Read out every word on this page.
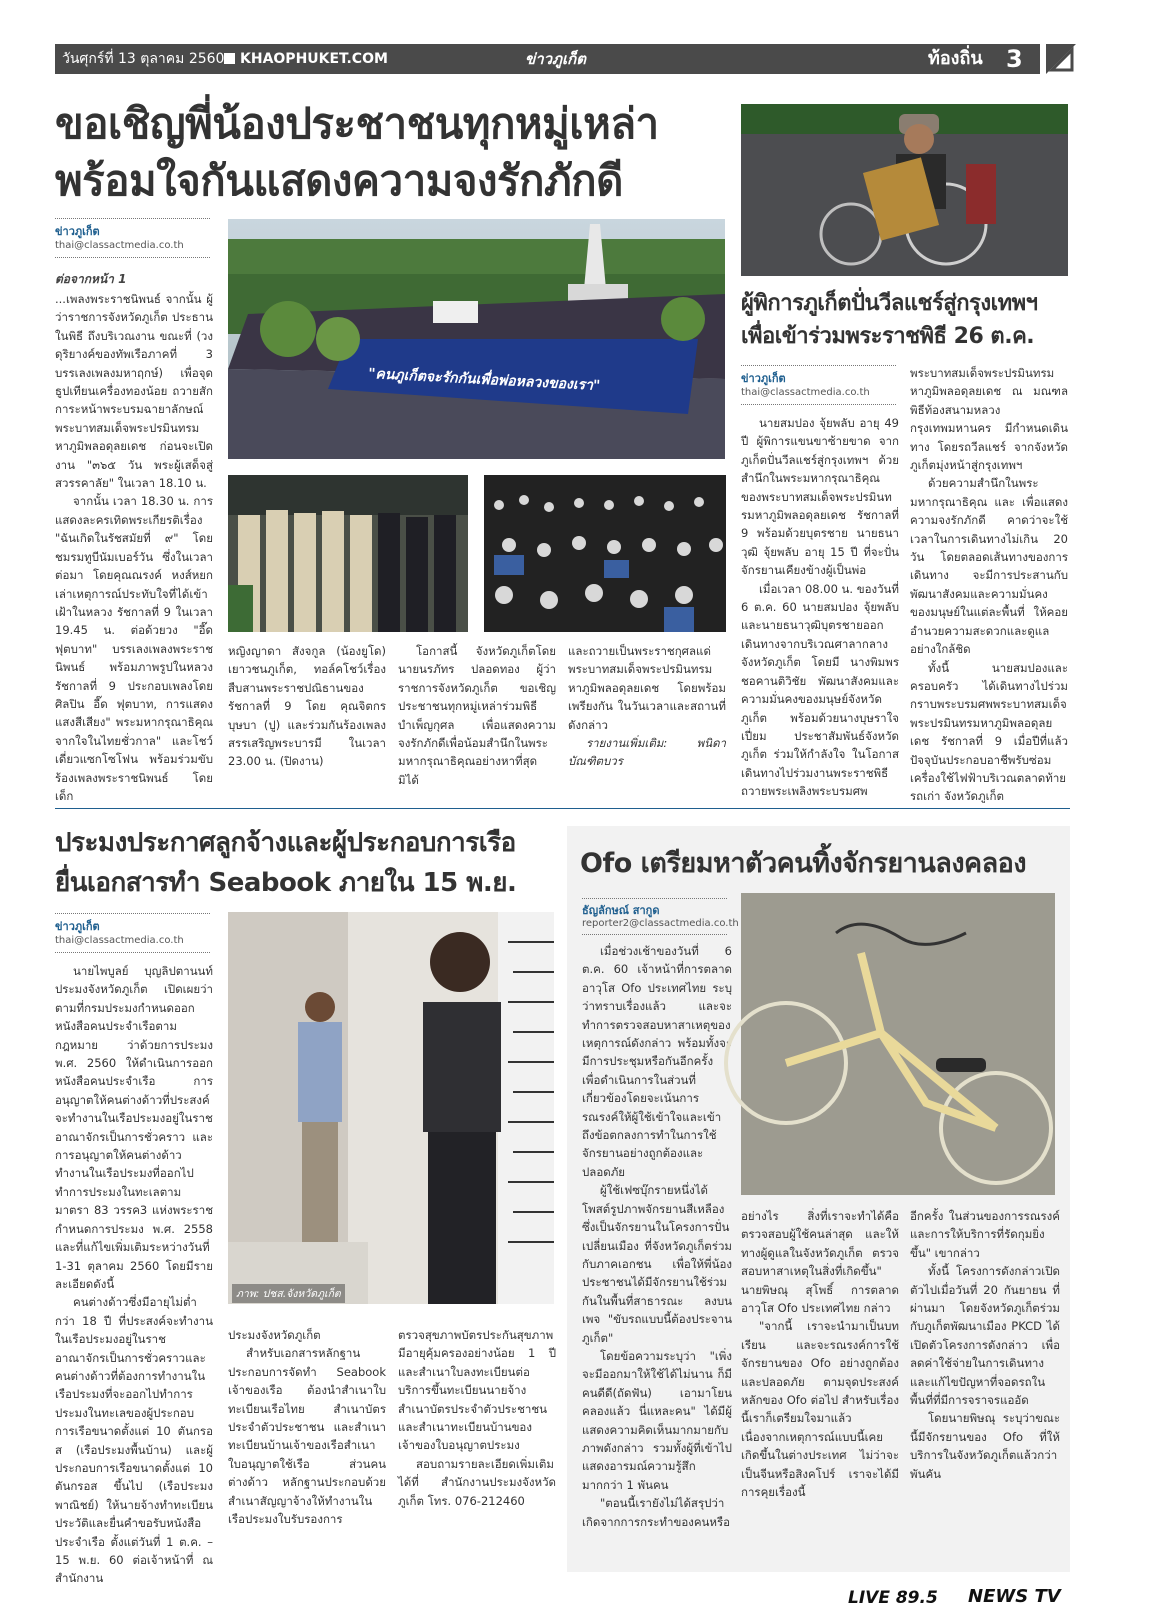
วันศุกร์ที่ 13 ตุลาคม 2560 KHAOPHUKET.COM	ข่าวภูเก็ต	ท้องถิ่น 3
ขอเชิญพี่น้องประชาชนทุกหมู่เหล่า
พร้อมใจกันแสดงความจงรักภักดี
ข่าวภูเก็ต
thai@classactmedia.co.th
ต่อจากหน้า 1

...เพลงพระราชนิพนธ์ จากนั้น ผู้ว่าราชการจังหวัดภูเก็ต ประธานในพิธี ถึงบริเวณงาน ขณะที่ (วงดุริยางค์ของทัพเรือภาคที่ 3 บรรเลงเพลงมหาฤกษ์) เพื่อจุดธูปเทียนเครื่องทองน้อย ถวายสักการะหน้าพระบรมฉายาลักษณ์พระบาทสมเด็จพระปรมินทรมหาภูมิพลอดุลยเดช ก่อนจะเปิดงาน "๓๖๕ วัน พระผู้เสด็จสู่สวรรคาลัย" ในเวลา 18.10 น.

จากนั้น เวลา 18.30 น. การแสดงละครเทิดพระเกียรติเรื่อง "ฉันเกิดในรัชสมัยที่ ๙" โดยชมรมทูบีนัมเบอร์วัน ซึ่งในเวลาต่อมา โดยคุณณรงค์ หงส์หยก เล่าเหตุการณ์ประทับใจที่ได้เข้าเฝ้าในหลวง รัชกาลที่ 9 ในเวลา 19.45 น. ต่อด้วยวง "อี๊ด ฟุตบาท" บรรเลงเพลงพระราชนิพนธ์ พร้อมภาพรูปในหลวงรัชกาลที่ 9 ประกอบเพลงโดยศิลปิน อี๊ด ฟุตบาท, การแสดงแสงสีเสียง" พระมหากรุณาธิคุณจากใจในไทยชั่วกาล" และโชว์เดี่ยวแซกโซโฟน พร้อมร่วมขับร้องเพลงพระราชนิพนธ์ โดย เด็ก

"คนภูเก็ตจะรักกันเพื่อพ่อหลวงของเรา"

หญิงญาดา สังจกูล (น้องยูโด) เยาวชนภูเก็ต, ทอล์คโชว์เรื่องสืบสานพระราชปณิธานของรัชกาลที่ 9 โดย คุณจิตกร บุษบา (ปู) และร่วมกันร้องเพลงสรรเสริญพระบารมี ในเวลา 23.00 น. (ปิดงาน)

โอกาสนี้ จังหวัดภูเก็ตโดยนายนรภัทร ปลอดทอง ผู้ว่าราชการจังหวัดภูเก็ต ขอเชิญประชาชนทุกหมู่เหล่าร่วมพิธีบำเพ็ญกุศล เพื่อแสดงความจงรักภักดีเพื่อน้อมสำนึกในพระมหากรุณาธิคุณอย่างหาที่สุดมิได้

และถวายเป็นพระราชกุศลแด่พระบาทสมเด็จพระปรมินทรมหาภูมิพลอดุลยเดช โดยพร้อมเพรียงกัน ในวันเวลาและสถานที่ดังกล่าว

รายงานเพิ่มเติม: พนิดา บัณฑิตบวร

ผู้พิการภูเก็ตปั่นวีลแชร์สู่กรุงเทพฯ
เพื่อเข้าร่วมพระราชพิธี 26 ต.ค.
ข่าวภูเก็ต
thai@classactmedia.co.th

นายสมปอง จุ้ยพลับ อายุ 49 ปี ผู้พิการแขนขาซ้ายขาด จากภูเก็ตปั่นวีลแชร์สู่กรุงเทพฯ ด้วยสำนึกในพระมหากรุณาธิคุณของพระบาทสมเด็จพระปรมินทรมหาภูมิพลอดุลยเดช รัชกาลที่ 9 พร้อมด้วยบุตรชาย นายธนาวุฒิ จุ้ยพลับ อายุ 15 ปี ที่จะปั่นจักรยานเคียงข้างผู้เป็นพ่อ

เมื่อเวลา 08.00 น. ของวันที่ 6 ต.ค. 60 นายสมปอง จุ้ยพลับ และนายธนาวุฒิบุตรชายออกเดินทางจากบริเวณศาลากลางจังหวัดภูเก็ต โดยมี นางพิมพร ชอคานติวิชัย พัฒนาสังคมและความมั่นคงของมนุษย์จังหวัดภูเก็ต พร้อมด้วยนางบุษราใจเปี่ยม ประชาสัมพันธ์จังหวัดภูเก็ต ร่วมให้กำลังใจ ในโอกาสเดินทางไปร่วมงานพระราชพิธีถวายพระเพลิงพระบรมศพ

พระบาทสมเด็จพระปรมินทรมหาภูมิพลอดุลยเดช ณ มณฑลพิธีท้องสนามหลวง กรุงเทพมหานคร มีกำหนดเดินทาง โดยรถวีลแชร์ จากจังหวัดภูเก็ตมุ่งหน้าสู่กรุงเทพฯ

ด้วยความสำนึกในพระมหากรุณาธิคุณ และ เพื่อแสดงความจงรักภักดี คาดว่าจะใช้เวลาในการเดินทางไม่เกิน 20 วัน โดยตลอดเส้นทางของการเดินทาง จะมีการประสานกับพัฒนาสังคมและความมั่นคงของมนุษย์ในแต่ละพื้นที่ ให้คอยอำนวยความสะดวกและดูแลอย่างใกล้ชิด

ทั้งนี้ นายสมปองและครอบครัว ได้เดินทางไปร่วมกราบพระบรมศพพระบาทสมเด็จพระปรมินทรมหาภูมิพลอดุลยเดช รัชกาลที่ 9 เมื่อปีที่แล้ว ปัจจุบันประกอบอาชีพรับซ่อมเครื่องใช้ไฟฟ้าบริเวณตลาดท้ายรถเก่า จังหวัดภูเก็ต

ประมงประกาศลูกจ้างและผู้ประกอบการเรือ
ยื่นเอกสารทำ Seabook ภายใน 15 พ.ย.
ข่าวภูเก็ต
thai@classactmedia.co.th

นายไพบูลย์ บุญลิปตานนท์ ประมงจังหวัดภูเก็ต เปิดเผยว่า ตามที่กรมประมงกำหนดออกหนังสือคนประจำเรือตามกฎหมาย ว่าด้วยการประมง พ.ศ. 2560 ให้ดำเนินการออกหนังสือคนประจำเรือ การอนุญาตให้คนต่างด้าวที่ประสงค์จะทำงานในเรือประมงอยู่ในราชอาณาจักรเป็นการชั่วคราว และการอนุญาตให้คนต่างด้าวทำงานในเรือประมงที่ออกไปทำการประมงในทะเลตามมาตรา 83 วรรค3 แห่งพระราชกำหนดการประมง พ.ศ. 2558 และที่แก้ไขเพิ่มเติมระหว่างวันที่ 1-31 ตุลาคม 2560 โดยมีรายละเอียดดังนี้

คนต่างด้าวซึ่งมีอายุไม่ต่ำกว่า 18 ปี ที่ประสงค์จะทำงานในเรือประมงอยู่ในราชอาณาจักรเป็นการชั่วคราวและคนต่างด้าวที่ต้องการทำงานในเรือประมงที่จะออกไปทำการประมงในทะเลของผู้ประกอบการเรือขนาดตั้งแต่ 10 ตันกรอส (เรือประมงพื้นบ้าน) และผู้ประกอบการเรือขนาดตั้งแต่ 10 ตันกรอส ขึ้นไป (เรือประมงพาณิชย์) ให้นายจ้างทำทะเบียนประวัติและยื่นคำขอรับหนังสือประจำเรือ ตั้งแต่วันที่ 1 ต.ค. – 15 พ.ย. 60 ต่อเจ้าหน้าที่ ณ สำนักงาน

ภาพ: ปชส.จังหวัดภูเก็ต

ประมงจังหวัดภูเก็ต

สำหรับเอกสารหลักฐานประกอบการจัดทำ Seabook เจ้าของเรือ ต้องนำสำเนาใบทะเบียนเรือไทย สำเนาบัตรประจำตัวประชาชน และสำเนาทะเบียนบ้านเจ้าของเรือสำเนาใบอนุญาตใช้เรือ ส่วนคนต่างด้าว หลักฐานประกอบด้วยสำเนาสัญญาจ้างให้ทำงานในเรือประมงใบรับรองการ

ตรวจสุขภาพบัตรประกันสุขภาพ มีอายุคุ้มครองอย่างน้อย 1 ปี และสำเนาใบลงทะเบียนต่อบริการขึ้นทะเบียนนายจ้าง สำเนาบัตรประจำตัวประชาชน และสำเนาทะเบียนบ้านของเจ้าของใบอนุญาตประมง

สอบถามรายละเอียดเพิ่มเติมได้ที่ สำนักงานประมงจังหวัดภูเก็ต โทร. 076-212460

Ofo เตรียมหาตัวคนทิ้งจักรยานลงคลอง
ธัญลักษณ์ สากูด
reporter2@classactmedia.co.th

เมื่อช่วงเช้าของวันที่ 6 ต.ค. 60 เจ้าหน้าที่การตลาดอาวุโส Ofo ประเทศไทย ระบุว่าทราบเรื่องแล้ว และจะทำการตรวจสอบหาสาเหตุของเหตุการณ์ดังกล่าว พร้อมทั้งจะมีการประชุมหรือกันอีกครั้ง เพื่อดำเนินการในส่วนที่เกี่ยวข้องโดยจะเน้นการรณรงค์ให้ผู้ใช้เข้าใจและเข้าถึงข้อตกลงการทำในการใช้จักรยานอย่างถูกต้องและปลอดภัย

ผู้ใช้เฟซบุ๊กรายหนึ่งได้โพสต์รูปภาพจักรยานสีเหลือง ซึ่งเป็นจักรยานในโครงการปั่นเปลี่ยนเมือง ที่จังหวัดภูเก็ตร่วมกับภาคเอกชน เพื่อให้พี่น้องประชาชนได้มีจักรยานใช้ร่วมกันในพื้นที่สาธารณะ ลงบนเพจ "ขับรถแบบนี้ต้องประจานภูเก็ต"

โดยข้อความระบุว่า "เพิ่งจะมีออกมาให้ใช้ได้ไม่นาน ก็มีคนดีดี(ถัดฟัน) เอามาโยนคลองแล้ว นี่แหละคน" ได้มีผู้แสดงความคิดเห็นมากมายกับภาพดังกล่าว รวมทั้งผู้ที่เข้าไปแสดงอารมณ์ความรู้สึกมากกว่า 1 พันคน

"ตอนนี้เรายังไม่ได้สรุปว่าเกิดจากการกระทำของคนหรือ

อย่างไร สิ่งที่เราจะทำได้คือตรวจสอบผู้ใช้คนล่าสุด และให้ทางผู้ดูแลในจังหวัดภูเก็ต ตรวจสอบหาสาเหตุในสิ่งที่เกิดขึ้น" นายพิษณุ สุโพธิ์ การตลาดอาวุโส Ofo ประเทศไทย กล่าว

"จากนี้ เราจะนำมาเป็นบทเรียน และจะรณรงค์การใช้จักรยานของ Ofo อย่างถูกต้องและปลอดภัย ตามจุดประสงค์หลักของ Ofo ต่อไป สำหรับเรื่องนี้เราก็เตรียมใจมาแล้ว เนื่องจากเหตุการณ์แบบนี้เคยเกิดขึ้นในต่างประเทศ ไม่ว่าจะเป็นจีนหรือสิงคโปร์ เราจะได้มีการคุยเรื่องนี้

อีกครั้ง ในส่วนของการรณรงค์และการให้บริการที่รัดกุมยิ่งขึ้น" เขากล่าว

ทั้งนี้ โครงการดังกล่าวเปิดตัวไปเมื่อวันที่ 20 กันยายน ที่ผ่านมา โดยจังหวัดภูเก็ตร่วมกับภูเก็ตพัฒนาเมือง PKCD ได้เปิดตัวโครงการดังกล่าว เพื่อลดค่าใช้จ่ายในการเดินทางและแก้ไขปัญหาที่จอดรถในพื้นที่ที่มีการจราจรแออัด

โดยนายพิษณุ ระบุว่าขณะนี้มีจักรยานของ Ofo ที่ให้บริการในจังหวัดภูเก็ตแล้วกว่าพันคัน

LIVE 89.5 NEWS TV
